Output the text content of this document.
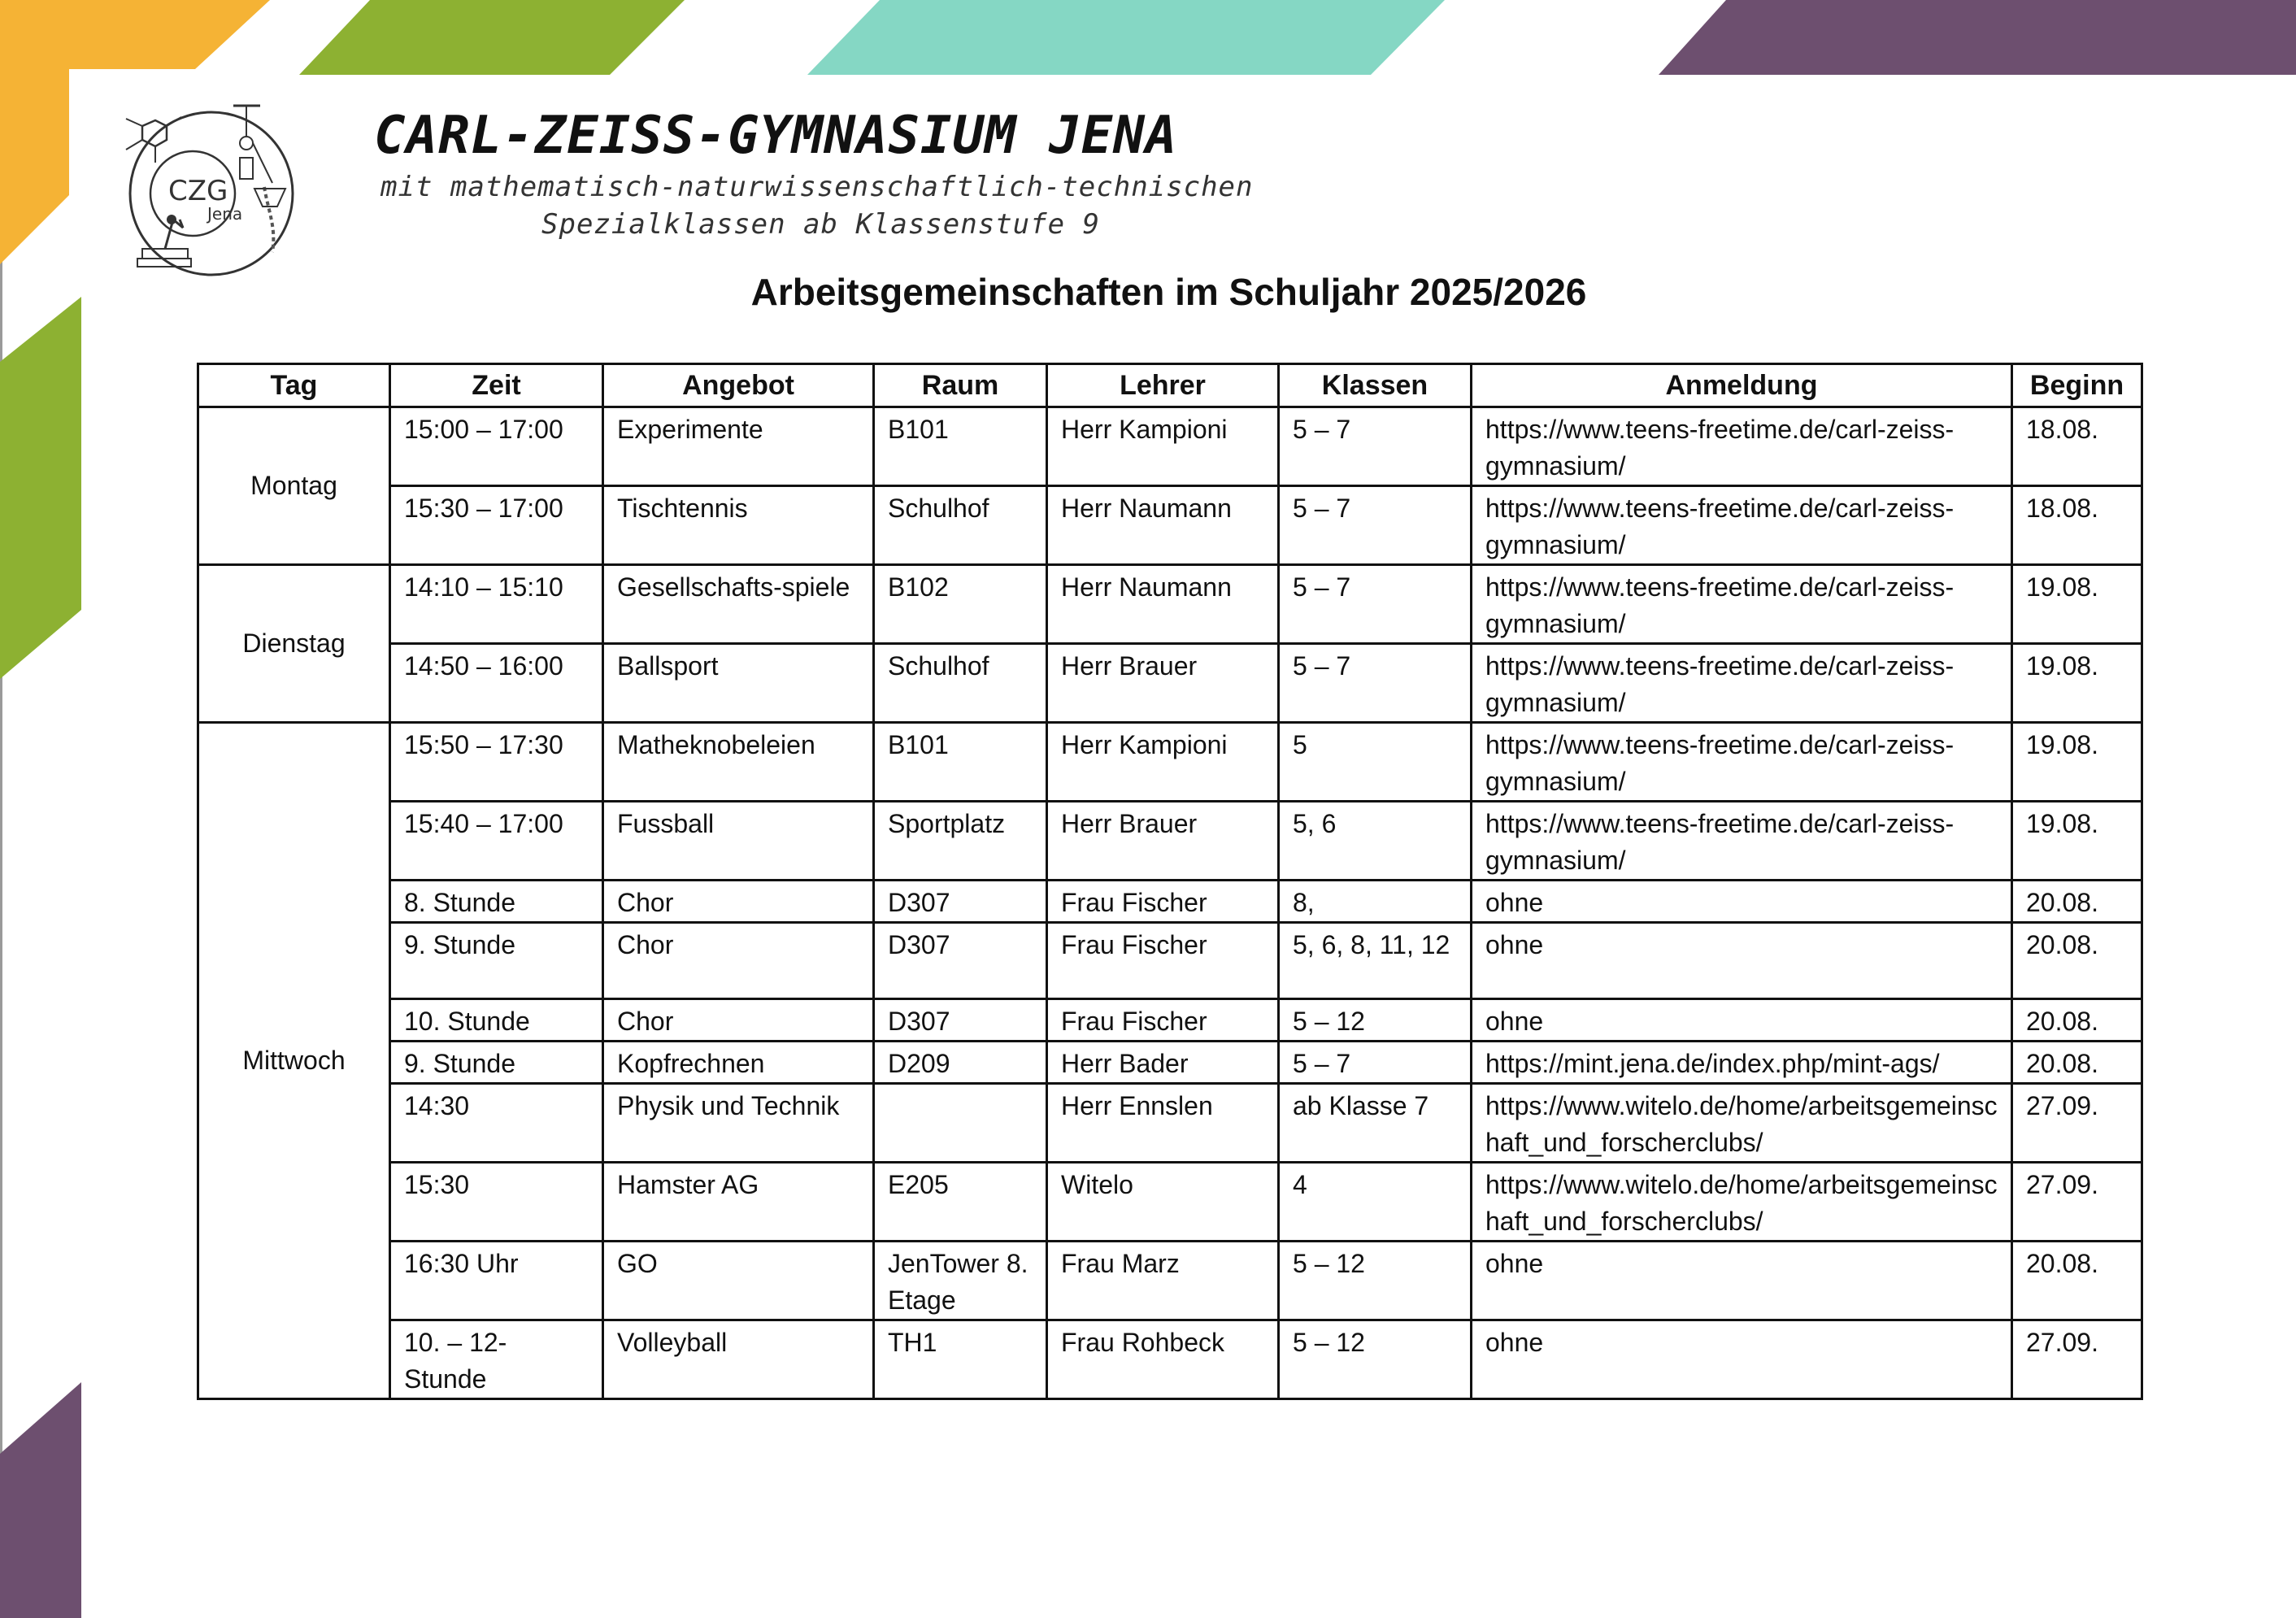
CZG
Jena
CARL-ZEISS-GYMNASIUM JENA

mit mathematisch-naturwissenschaftlich-technischen

Spezialklassen ab Klassenstufe 9

Arbeitsgemeinschaften im Schuljahr 2025/2026
Tag	Zeit	Angebot	Raum	Lehrer	Klassen	Anmeldung	Beginn
Montag	15:00 – 17:00	Experimente	B101	Herr Kampioni	5 – 7	https://www.teens-freetime.de/carl-zeiss-gymnasium/	18.08.
	15:30 – 17:00	Tischtennis	Schulhof	Herr Naumann	5 – 7	https://www.teens-freetime.de/carl-zeiss-gymnasium/	18.08.
Dienstag	14:10 – 15:10	Gesellschafts-spiele	B102	Herr Naumann	5 – 7	https://www.teens-freetime.de/carl-zeiss-gymnasium/	19.08.
	14:50 – 16:00	Ballsport	Schulhof	Herr Brauer	5 – 7	https://www.teens-freetime.de/carl-zeiss-gymnasium/	19.08.
Mittwoch	15:50 – 17:30	Matheknobeleien	B101	Herr Kampioni	5	https://www.teens-freetime.de/carl-zeiss-gymnasium/	19.08.
	15:40 – 17:00	Fussball	Sportplatz	Herr Brauer	5, 6	https://www.teens-freetime.de/carl-zeiss-gymnasium/	19.08.
	8. Stunde	Chor	D307	Frau Fischer	8,	ohne	20.08.
	9. Stunde	Chor	D307	Frau Fischer	5, 6, 8, 11, 12	ohne	20.08.
	10. Stunde	Chor	D307	Frau Fischer	5 – 12	ohne	20.08.
	9. Stunde	Kopfrechnen	D209	Herr Bader	5 – 7	https://mint.jena.de/index.php/mint-ags/	20.08.
	14:30	Physik und Technik		Herr Ennslen	ab Klasse 7	https://www.witelo.de/home/arbeitsgemeinschaft_und_forscherclubs/	27.09.
	15:30	Hamster AG	E205	Witelo	4	https://www.witelo.de/home/arbeitsgemeinschaft_und_forscherclubs/	27.09.
	16:30 Uhr	GO	JenTower 8. Etage	Frau Marz	5 – 12	ohne	20.08.
	10. – 12- Stunde	Volleyball	TH1	Frau Rohbeck	5 – 12	ohne	27.09.
